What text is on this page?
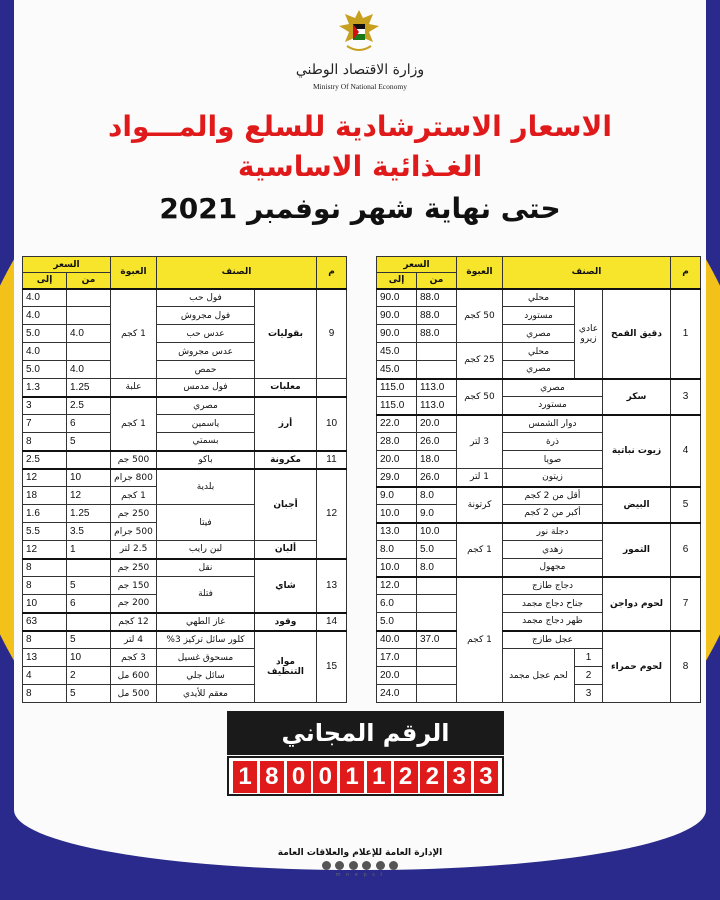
وزارة الاقتصاد الوطني
Ministry Of National Economy
الاسعار الاسترشادية للسلع والمـــواد
الغـذائية الاساسية
حتى نهاية شهر نوفمبر 2021
م	الصنف			العبوة	السعر	
					من	إلى
1	دقيق القمح	عادي زيرو	محلي	50 كجم	88.0	90.0
			مستورد		88.0	90.0
			مصري		88.0	90.0
			محلي	25 كجم		45.0
			مصري			45.0
3	سكر	مصري		50 كجم	113.0	115.0
		مستورد			113.0	115.0
4	زيوت نباتية	دوار الشمس		3 لتر	20.0	22.0
		ذرة			26.0	28.0
		صويا			18.0	20.0
		زيتون		1 لتر	26.0	29.0
5	البيض	أقل من 2 كجم		كرتونة	8.0	9.0
		أكبر من 2 كجم			9.0	10.0
6	التمور	دجلة نور		1 كجم	10.0	13.0
		زهدي			5.0	8.0
		مجهول			8.0	10.0
7	لحوم دواجن	دجاج طازج		1 كجم		12.0
		جناح دجاج مجمد				6.0
		ظهر دجاج مجمد				5.0
8	لحوم حمراء	عجل طازج			37.0	40.0
		1	لحم عجل مجمد			17.0
		2				20.0
		3				24.0
م	الصنف		العبوة	السعر	
				من	إلى
9	بقوليات	فول حب	1 كجم		4.0
		فول مجروش			4.0
		عدس حب		4.0	5.0
		عدس مجروش			4.0
		حمص		4.0	5.0
	معلبات	فول مدمس	علبة	1.25	1.3
10	أرز	مصري	1 كجم	2.5	3
		ياسمين		6	7
		بسمتي		5	8
11	مكرونة	باكو	500 جم		2.5
12	أجبان	بلدية	800 جرام	10	12
			1 كجم	12	18
		فيتا	250 جم	1.25	1.6
			500 جرام	3.5	5.5
	ألبان	لبن رايب	2.5 لتر	1	12
13	شاي	نقل	250 جم		8
		فتلة	150 جم	5	8
			200 جم	6	10
14	وقود	غاز الطهي	12 كجم		63
15	مواد التنظيف	كلور سائل تركيز 3%	4 لتر	5	8
		مسحوق غسيل	3 كجم	10	13
		سائل جلي	600 مل	2	4
		معقم للأيدي	500 مل	5	8
الرقم المجاني
1 8 0 0 1 1 2 2 3 3
الإدارة العامة للإعلام والعلاقات العامة
m n e p s t
